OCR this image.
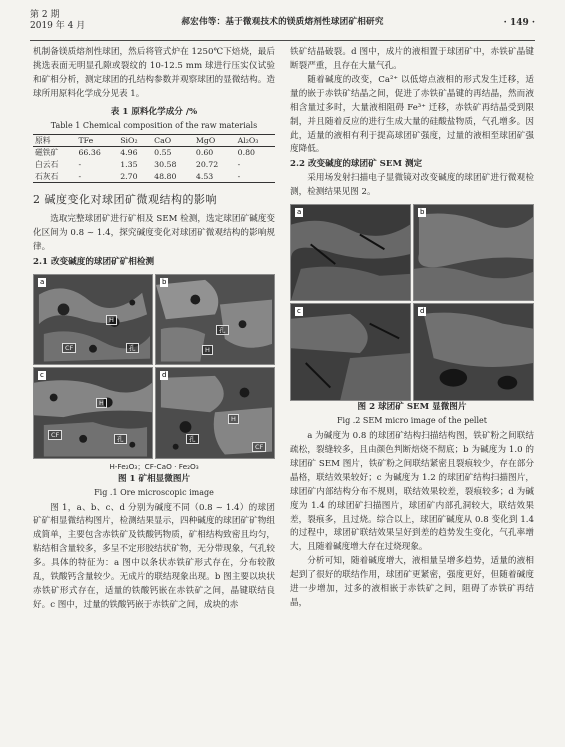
第 2 期
2019 年 4 月	郝宏伟等：基于微观技术的镁质熔剂性球团矿相研究	· 149 ·

机制备镁质熔剂性球团，然后将管式炉在 1250℃下焙烧，最后挑选表面无明显孔隙或裂纹的 10-12.5 mm 球进行压实仪试验和矿相分析，测定球团的孔结构参数并观察球团的显微结构。造球所用原料化学成分见表 1。

表 1 原料化学成分 /%
Table 1 Chemical composition of the raw materials
原料	TFe	SiO₂	CaO	MgO	Al₂O₃
磁铁矿	66.36	4.96	0.55	0.60	0.80
白云石	-	1.35	30.58	20.72	-
石灰石	-	2.70	48.80	4.53	-
2 碱度变化对球团矿微观结构的影响

选取完整球团矿进行矿相及 SEM 检测，选定球团矿碱度变化区间为 0.8 ~ 1.4，探究碱度变化对球团矿微观结构的影响规律。

2.1 改变碱度的球团矿矿相检测
a
H
CF	孔
b
孔
H
c
H
CF	孔
d
H
孔
CF
H-Fe₂O₃；CF-CaO · Fe₂O₃
图 1 矿相显微图片
Fig .1 Ore microscopic image

图 1，a、b、c、d 分别为碱度不同（0.8 ~ 1.4）的球团矿矿相显微结构图片，检测结果显示，四种碱度的球团矿矿物组成简单，主要包含赤铁矿及铁酸钙物质，矿相结构致密且均匀，粘结相含量较多，多呈不定形胶结状矿物，无分带现象，气孔较多。具体的特征为：a 图中以条状赤铁矿形式存在，分布较散乱，铁酸钙含量较少。无成片的联结现象出现。b 图主要以块状赤铁矿形式存在，适量的铁酸钙嵌在赤铁矿之间，晶键联结良好。c 图中，过量的铁酸钙嵌于赤铁矿之间，成块的赤

铁矿结晶破裂。d 图中，成片的液相置于球团矿中，赤铁矿晶键断裂严重，且存在大量气孔。

随着碱度的改变，Ca²⁺ 以低熔点液相的形式发生迁移，适量的嵌于赤铁矿结晶之间，促进了赤铁矿晶键的再结晶，然而液相含量过多时，大量液相阻碍 Fe³⁺ 迁移，赤铁矿再结晶受到限制，并且随着反应的进行生成大量的硅酸盐物质，气孔增多。因此，适量的液相有利于提高球团矿强度，过量的液相至球团矿强度降低。

2.2 改变碱度的球团矿 SEM 测定

采用场发射扫描电子显微镜对改变碱度的球团矿进行微观检测，检测结果见图 2。

a	b
c	d
图 2 球团矿 SEM 显微图片
Fig .2 SEM micro image of the pellet

a 为碱度为 0.8 的球团矿结构扫描结构图，铁矿粉之间联结疏松，裂缝较多，且由颜色判断焙烧不彻底；b 为碱度为 1.0 的球团矿 SEM 图片，铁矿粉之间联结紧密且裂痕较少，存在部分晶格，联结效果较好；c 为碱度为 1.2 的球团矿结构扫描图片，球团矿内部结构分布不规则，联结效果较差，裂痕较多；d 为碱度为 1.4 的球团矿扫描图片，球团矿内部孔洞较大，联结效果差，裂痕多，且过烧。综合以上，球团矿碱度从 0.8 变化到 1.4 的过程中，球团矿联结效果呈好到差的趋势发生变化，气孔率增大，且随着碱度增大存在过烧现象。

分析可知，随着碱度增大，液相量呈增多趋势，适量的液相起到了很好的联结作用，球团矿更紧密，强度更好，但随着碱度进一步增加，过多的液相嵌于赤铁矿之间，阻碍了赤铁矿再结晶，
